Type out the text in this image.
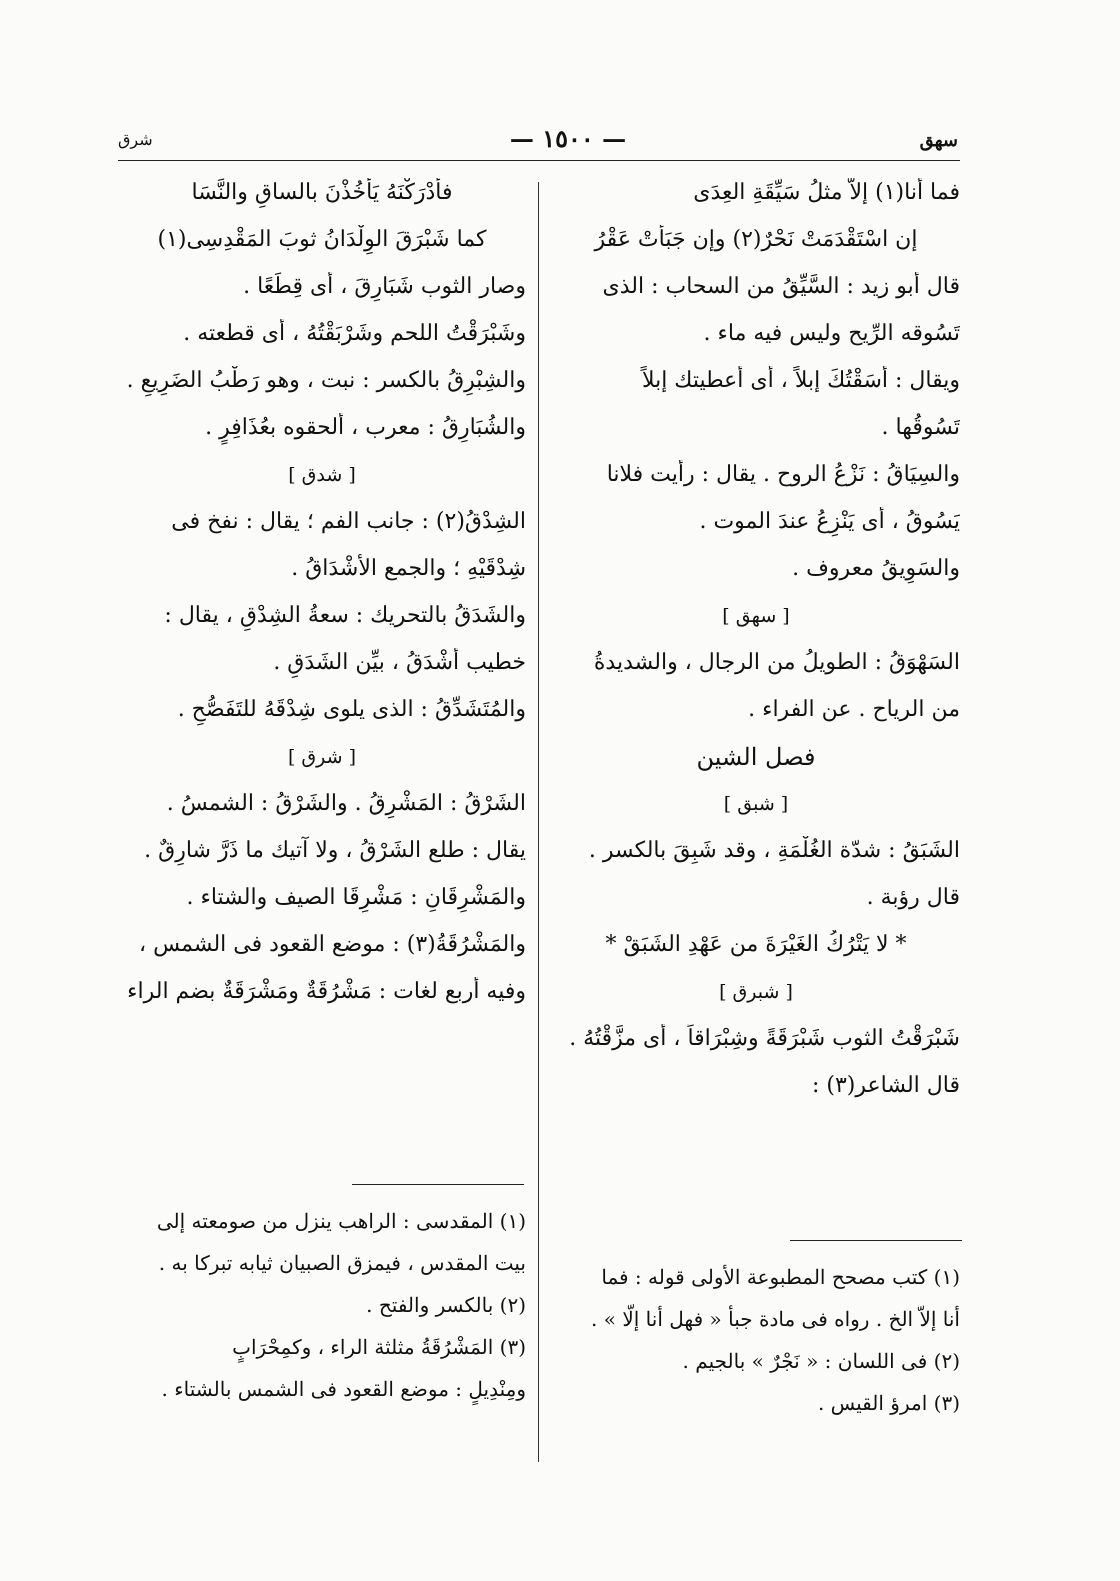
شرق	— ١٥٠٠ —	سهق
فما أنا(١) إلاَّ مثلُ سَيِّقَةِ العِدَى
إن اسْتَقْدَمَتْ نَحْرٌ(٢) وإن جَبَأَتْ عَقْرُ
قال أبو زيد : السَّيِّقُ من السحاب : الذى
تَسُوقه الرِّيح وليس فيه ماء .
ويقال : أَسَقْتُكَ إبلاً ، أى أعطيتك إبلاً
تَسُوقُها .
والسِيَاقُ : نَزْعُ الروح . يقال : رأيت فلانا
يَسُوقُ ، أى يَنْزِعُ عندَ الموت .
والسَوِيقُ معروف .
[ سهق ]
السَهْوَقُ : الطويلُ من الرجال ، والشديدةُ
من الرياح . عن الفراء .
فصل الشين
[ شبق ]
الشَبَقُ : شدّة الغُلْمَةِ ، وقد شَبِقَ بالكسر .
قال رؤبة .
* لا يَتْرُكُ الغَيْرَةَ من عَهْدِ الشَبَقْ *
[ شبرق ]
شَبْرَقْتُ الثوب شَبْرَقَةً وشِبْرَاقاً ، أى مزَّقْتُهُ .
قال الشاعر(٣) :
فأَدْرَكْنَهُ يَأْخُذْنَ بالساقِ والنَّسَا
كما شَبْرَقَ الوِلْدَانُ ثوبَ المَقْدِسِى(١)
وصار الثوب شَبَارِقَ ، أى قِطَعًا .
وشَبْرَقْتُ اللحم وشَرْبَقْتُهُ ، أى قطعته .
والشِبْرِقُ بالكسر : نبت ، وهو رَطْبُ الضَرِيعِ .
والشُبَارِقُ : معرب ، ألحقوه بعُذَافِرٍ .
[ شدق ]
الشِدْقُ(٢) : جانب الفم ؛ يقال : نفخ فى
شِدْقَيْهِ ؛ والجمع الأَشْدَاقُ .
والشَدَقُ بالتحريك : سعةُ الشِدْقِ ، يقال :
خطيب أَشْدَقُ ، بيِّن الشَدَقِ .
والمُتَشَدِّقُ : الذى يلوى شِدْقَهُ للتَفَصُّحِ .
[ شرق ]
الشَرْقُ : المَشْرِقُ . والشَرْقُ : الشمسُ .
يقال : طلع الشَرْقُ ، ولا آتيك ما ذَرَّ شارِقٌ .
والمَشْرِقَانِ : مَشْرِقَا الصيف والشتاء .
والمَشْرُقَةُ(٣) : موضع القعود فى الشمس ،
وفيه أربع لغات : مَشْرُقَةٌ ومَشْرَقَةٌ بضم الراء
(١) كتب مصحح المطبوعة الأولى قوله : فما
أنا إلاّ الخ . رواه فى مادة جبأ « فهل أنا إلّا » .
(٢) فى اللسان : « نَجْرٌ » بالجيم .
(٣) امرؤ القيس .
(١) المقدسى : الراهب ينزل من صومعته إلى
بيت المقدس ، فيمزق الصبيان ثيابه تبركا به .
(٢) بالكسر والفتح .
(٣) المَشْرُقَةُ مثلثة الراء ، وكمِحْرَابٍ
ومِنْدِيلٍ : موضع القعود فى الشمس بالشتاء .
